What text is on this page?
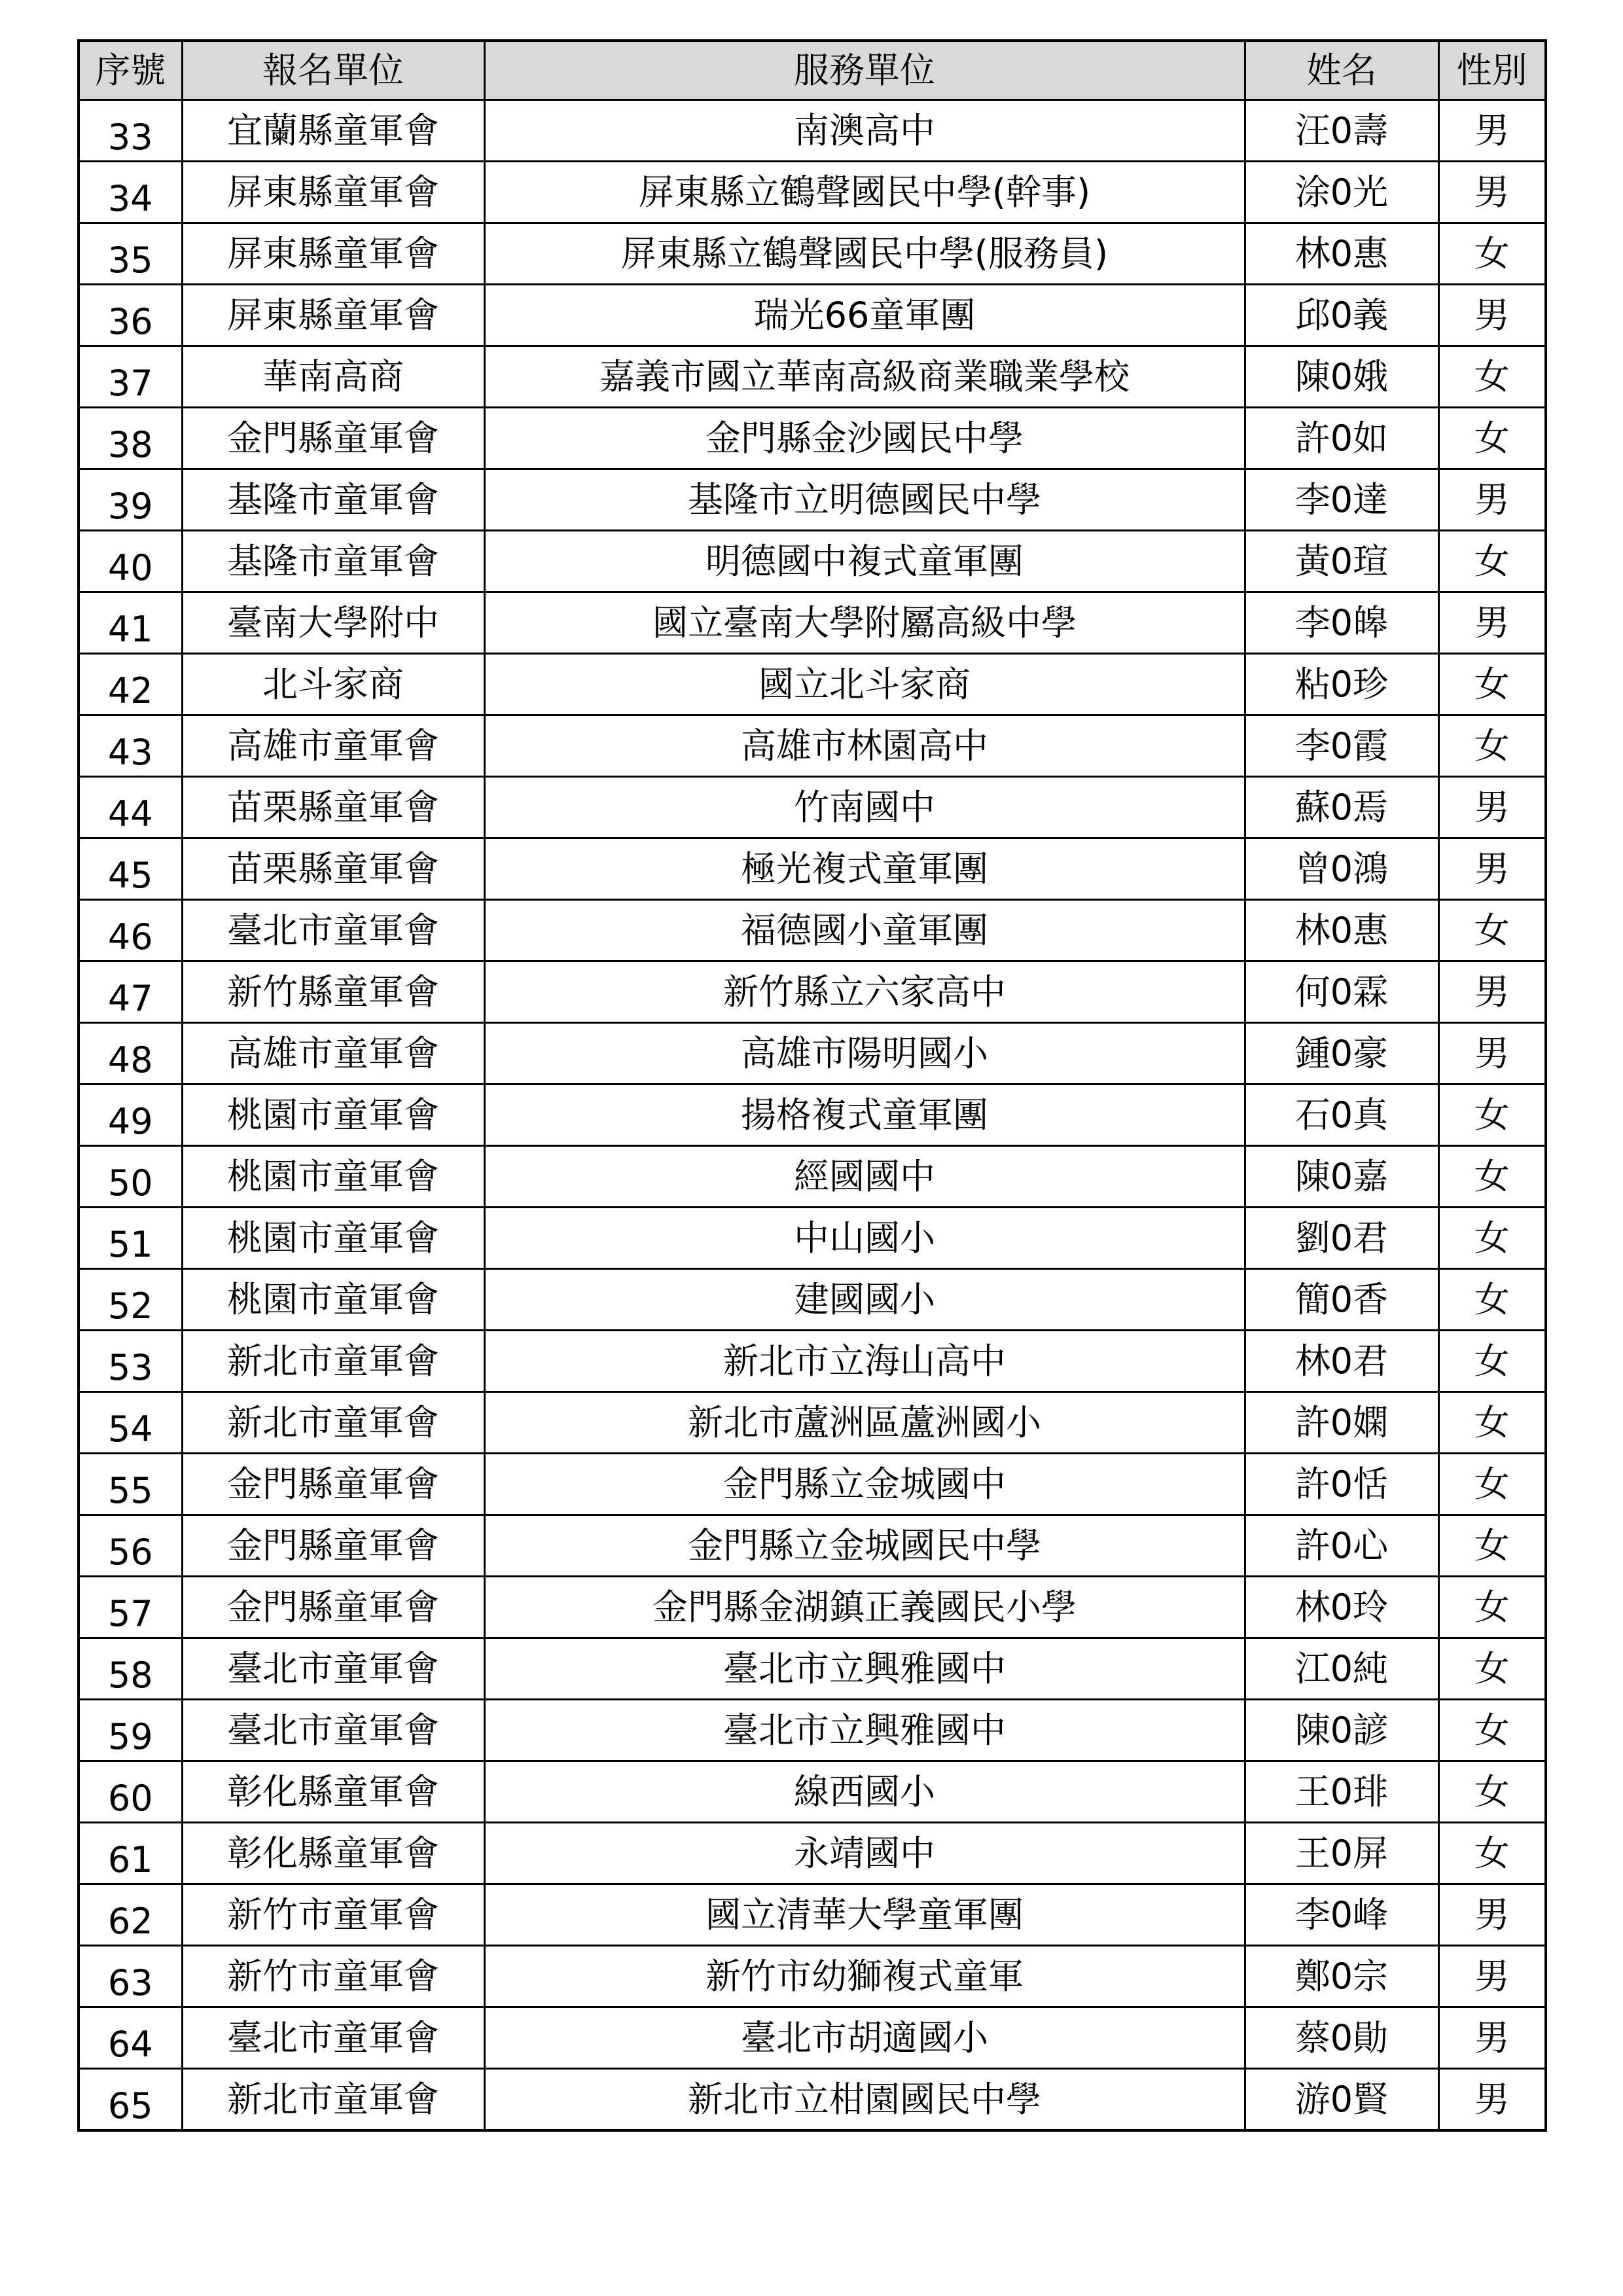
序號	報名單位	服務單位	姓名	性別
33	宜蘭縣童軍會	南澳高中	汪0壽	男
34	屏東縣童軍會	屏東縣立鶴聲國民中學(幹事)	涂0光	男
35	屏東縣童軍會	屏東縣立鶴聲國民中學(服務員)	林0惠	女
36	屏東縣童軍會	瑞光66童軍團	邱0義	男
37	華南高商	嘉義市國立華南高級商業職業學校	陳0娥	女
38	金門縣童軍會	金門縣金沙國民中學	許0如	女
39	基隆市童軍會	基隆市立明德國民中學	李0達	男
40	基隆市童軍會	明德國中複式童軍團	黃0瑄	女
41	臺南大學附中	國立臺南大學附屬高級中學	李0皞	男
42	北斗家商	國立北斗家商	粘0珍	女
43	高雄市童軍會	高雄市林園高中	李0霞	女
44	苗栗縣童軍會	竹南國中	蘇0焉	男
45	苗栗縣童軍會	極光複式童軍團	曾0鴻	男
46	臺北市童軍會	福德國小童軍團	林0惠	女
47	新竹縣童軍會	新竹縣立六家高中	何0霖	男
48	高雄市童軍會	高雄市陽明國小	鍾0豪	男
49	桃園市童軍會	揚格複式童軍團	石0真	女
50	桃園市童軍會	經國國中	陳0嘉	女
51	桃園市童軍會	中山國小	劉0君	女
52	桃園市童軍會	建國國小	簡0香	女
53	新北市童軍會	新北市立海山高中	林0君	女
54	新北市童軍會	新北市蘆洲區蘆洲國小	許0嫻	女
55	金門縣童軍會	金門縣立金城國中	許0恬	女
56	金門縣童軍會	金門縣立金城國民中學	許0心	女
57	金門縣童軍會	金門縣金湖鎮正義國民小學	林0玲	女
58	臺北市童軍會	臺北市立興雅國中	江0純	女
59	臺北市童軍會	臺北市立興雅國中	陳0諺	女
60	彰化縣童軍會	線西國小	王0琲	女
61	彰化縣童軍會	永靖國中	王0屏	女
62	新竹市童軍會	國立清華大學童軍團	李0峰	男
63	新竹市童軍會	新竹市幼獅複式童軍	鄭0宗	男
64	臺北市童軍會	臺北市胡適國小	蔡0勛	男
65	新北市童軍會	新北市立柑園國民中學	游0賢	男
